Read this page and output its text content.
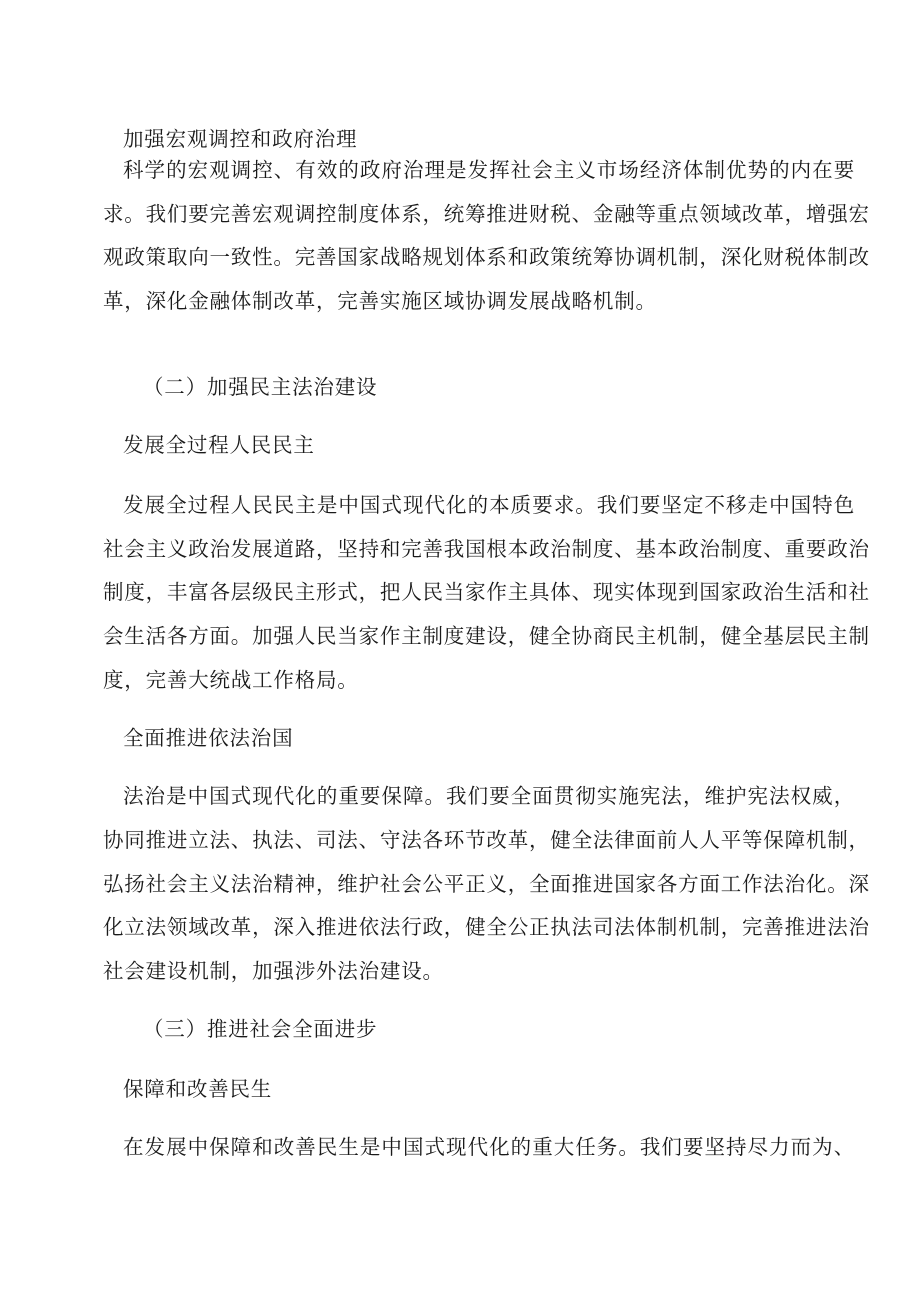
加强宏观调控和政府治理
科学的宏观调控、有效的政府治理是发挥社会主义市场经济体制优势的内在要
求。我们要完善宏观调控制度体系，统筹推进财税、金融等重点领域改革，增强宏
观政策取向一致性。完善国家战略规划体系和政策统筹协调机制，深化财税体制改
革，深化金融体制改革，完善实施区域协调发展战略机制。
（二）加强民主法治建设
发展全过程人民民主
发展全过程人民民主是中国式现代化的本质要求。我们要坚定不移走中国特色
社会主义政治发展道路，坚持和完善我国根本政治制度、基本政治制度、重要政治
制度，丰富各层级民主形式，把人民当家作主具体、现实体现到国家政治生活和社
会生活各方面。加强人民当家作主制度建设，健全协商民主机制，健全基层民主制
度，完善大统战工作格局。
全面推进依法治国
法治是中国式现代化的重要保障。我们要全面贯彻实施宪法，维护宪法权威，
协同推进立法、执法、司法、守法各环节改革，健全法律面前人人平等保障机制，
弘扬社会主义法治精神，维护社会公平正义，全面推进国家各方面工作法治化。深
化立法领域改革，深入推进依法行政，健全公正执法司法体制机制，完善推进法治
社会建设机制，加强涉外法治建设。
（三）推进社会全面进步
保障和改善民生
在发展中保障和改善民生是中国式现代化的重大任务。我们要坚持尽力而为、
